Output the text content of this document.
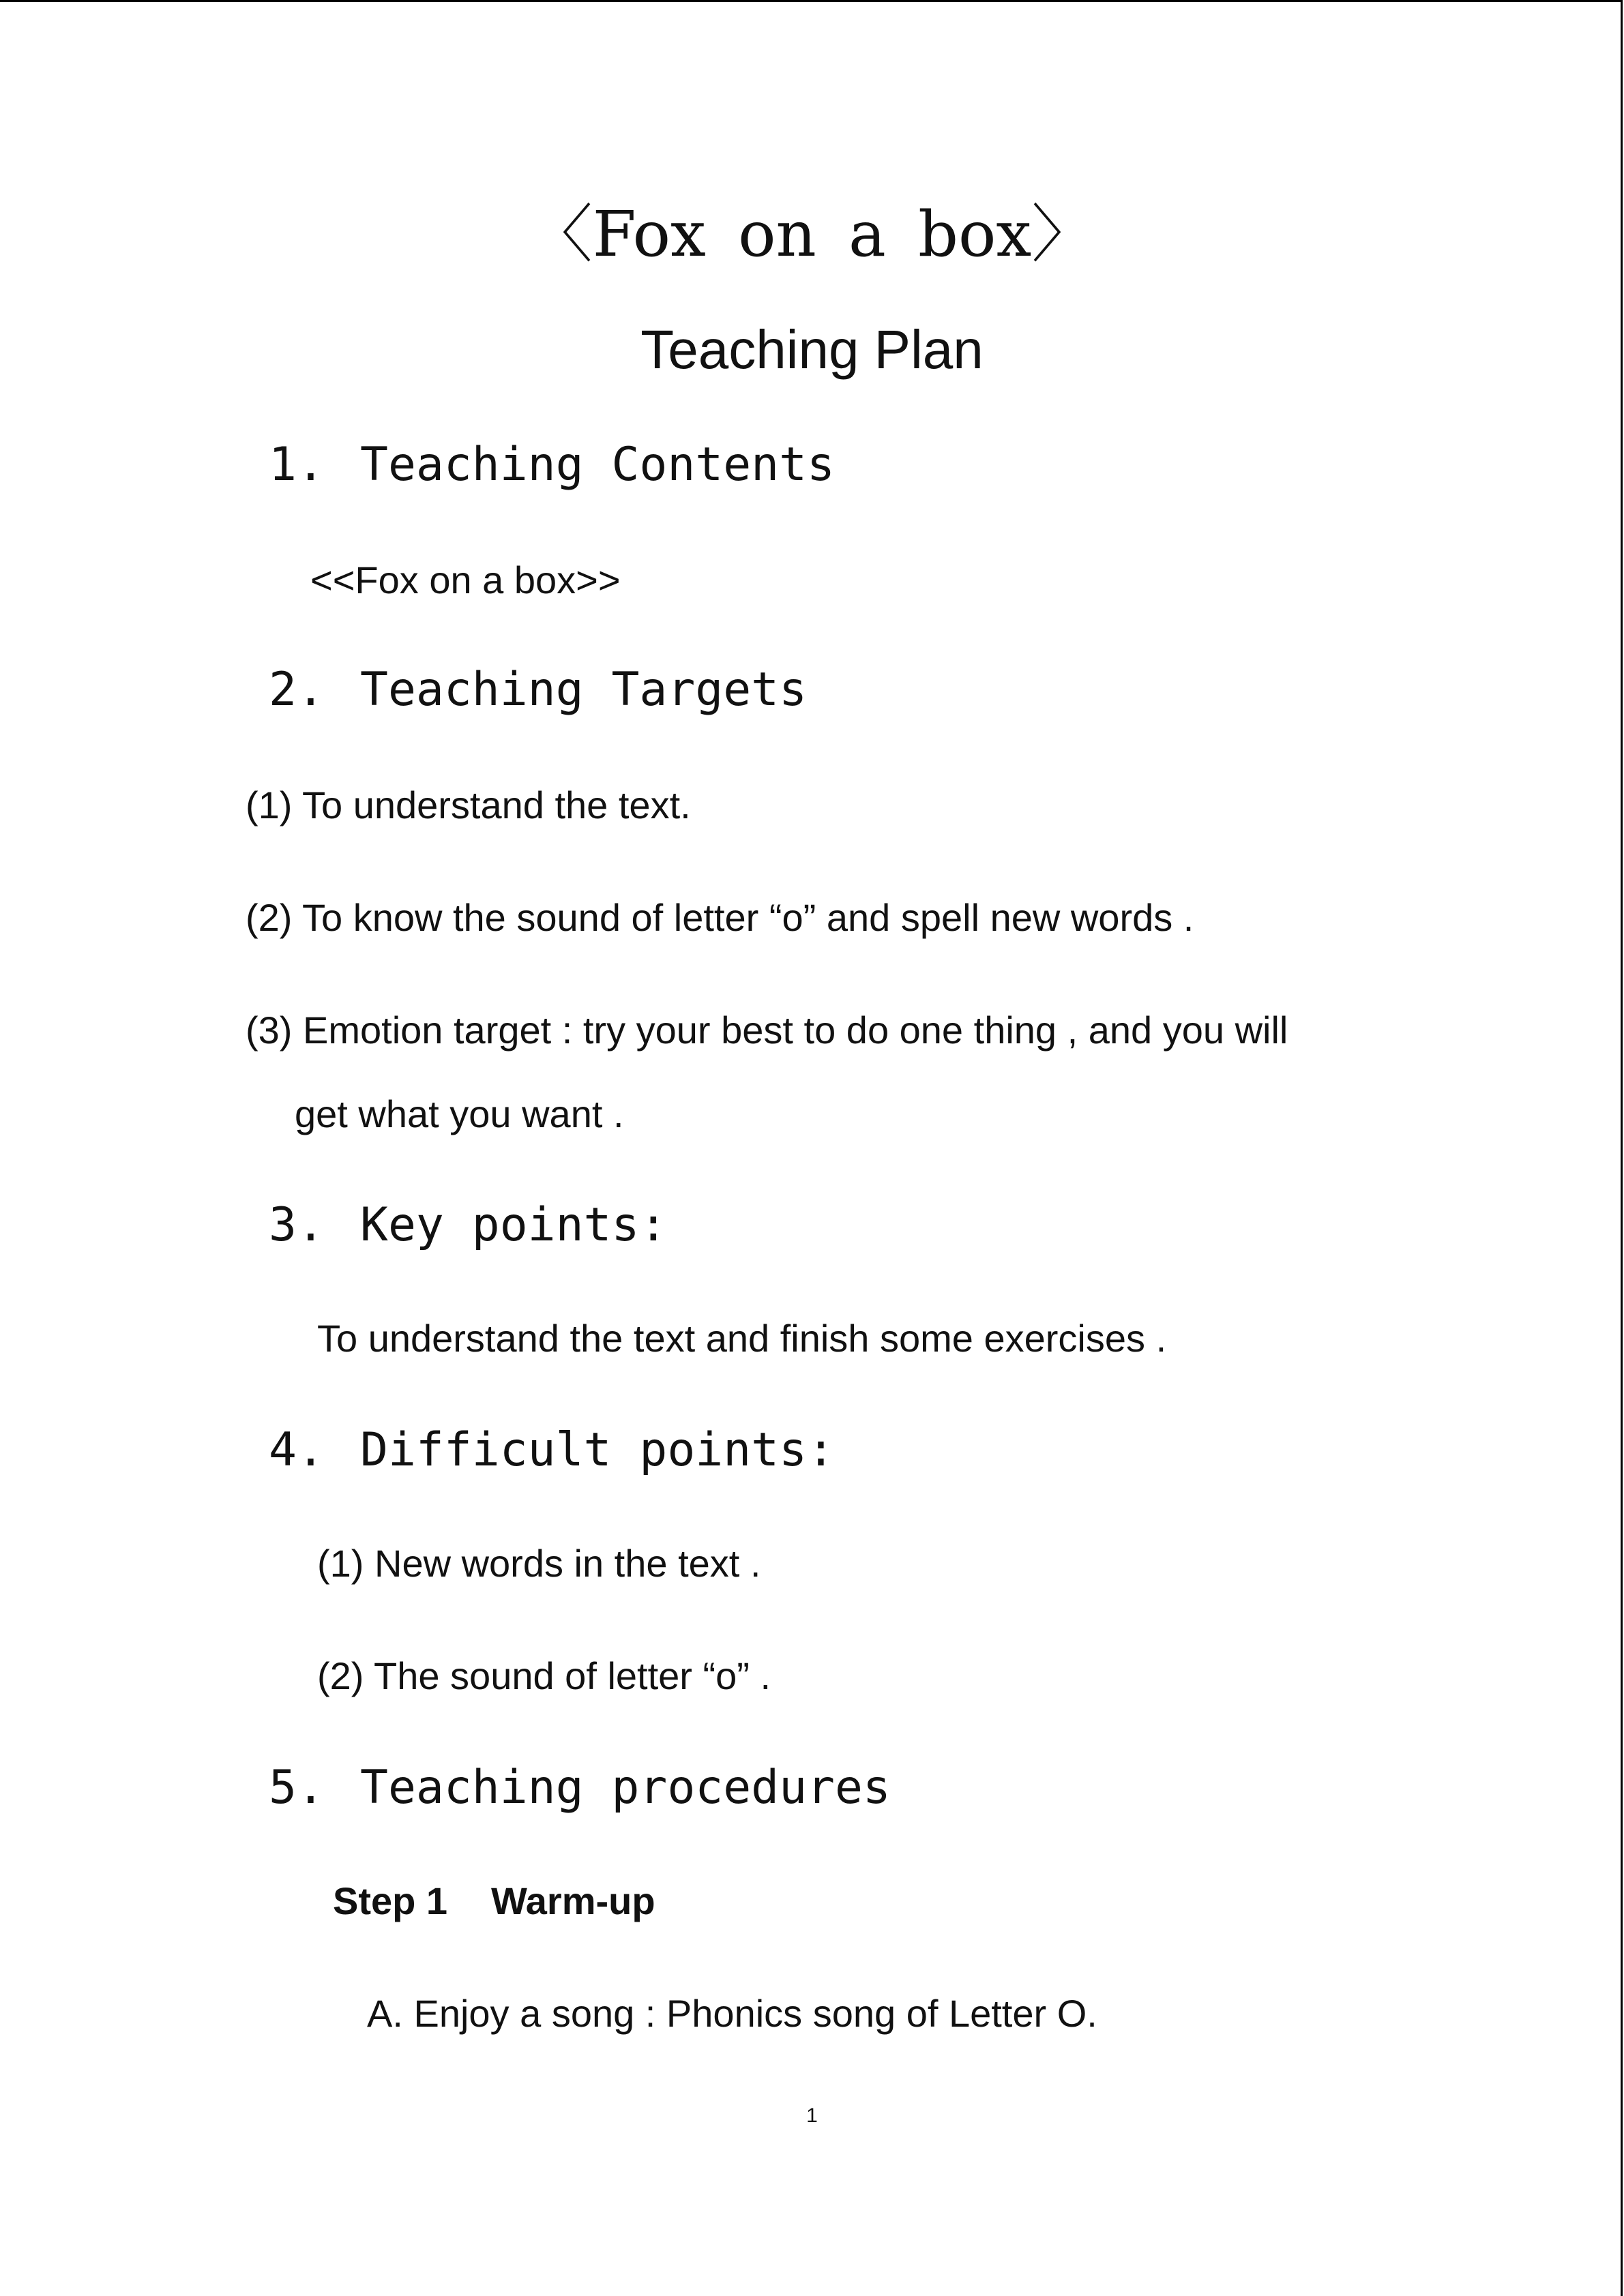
〈Fox on a box〉
Teaching Plan
1. Teaching Contents
<<Fox on a box>>
2. Teaching Targets
(1) To understand the text.
(2) To know the sound of letter “o” and spell new words .
(3) Emotion target : try your best to do one thing , and you will
get what you want .
3. Key points:
To understand the text and finish some exercises .
4. Difficult points:
(1) New words in the text .
(2) The sound of letter “o” .
5. Teaching procedures
Step 1 Warm-up
A. Enjoy a song : Phonics song of Letter O.
1
